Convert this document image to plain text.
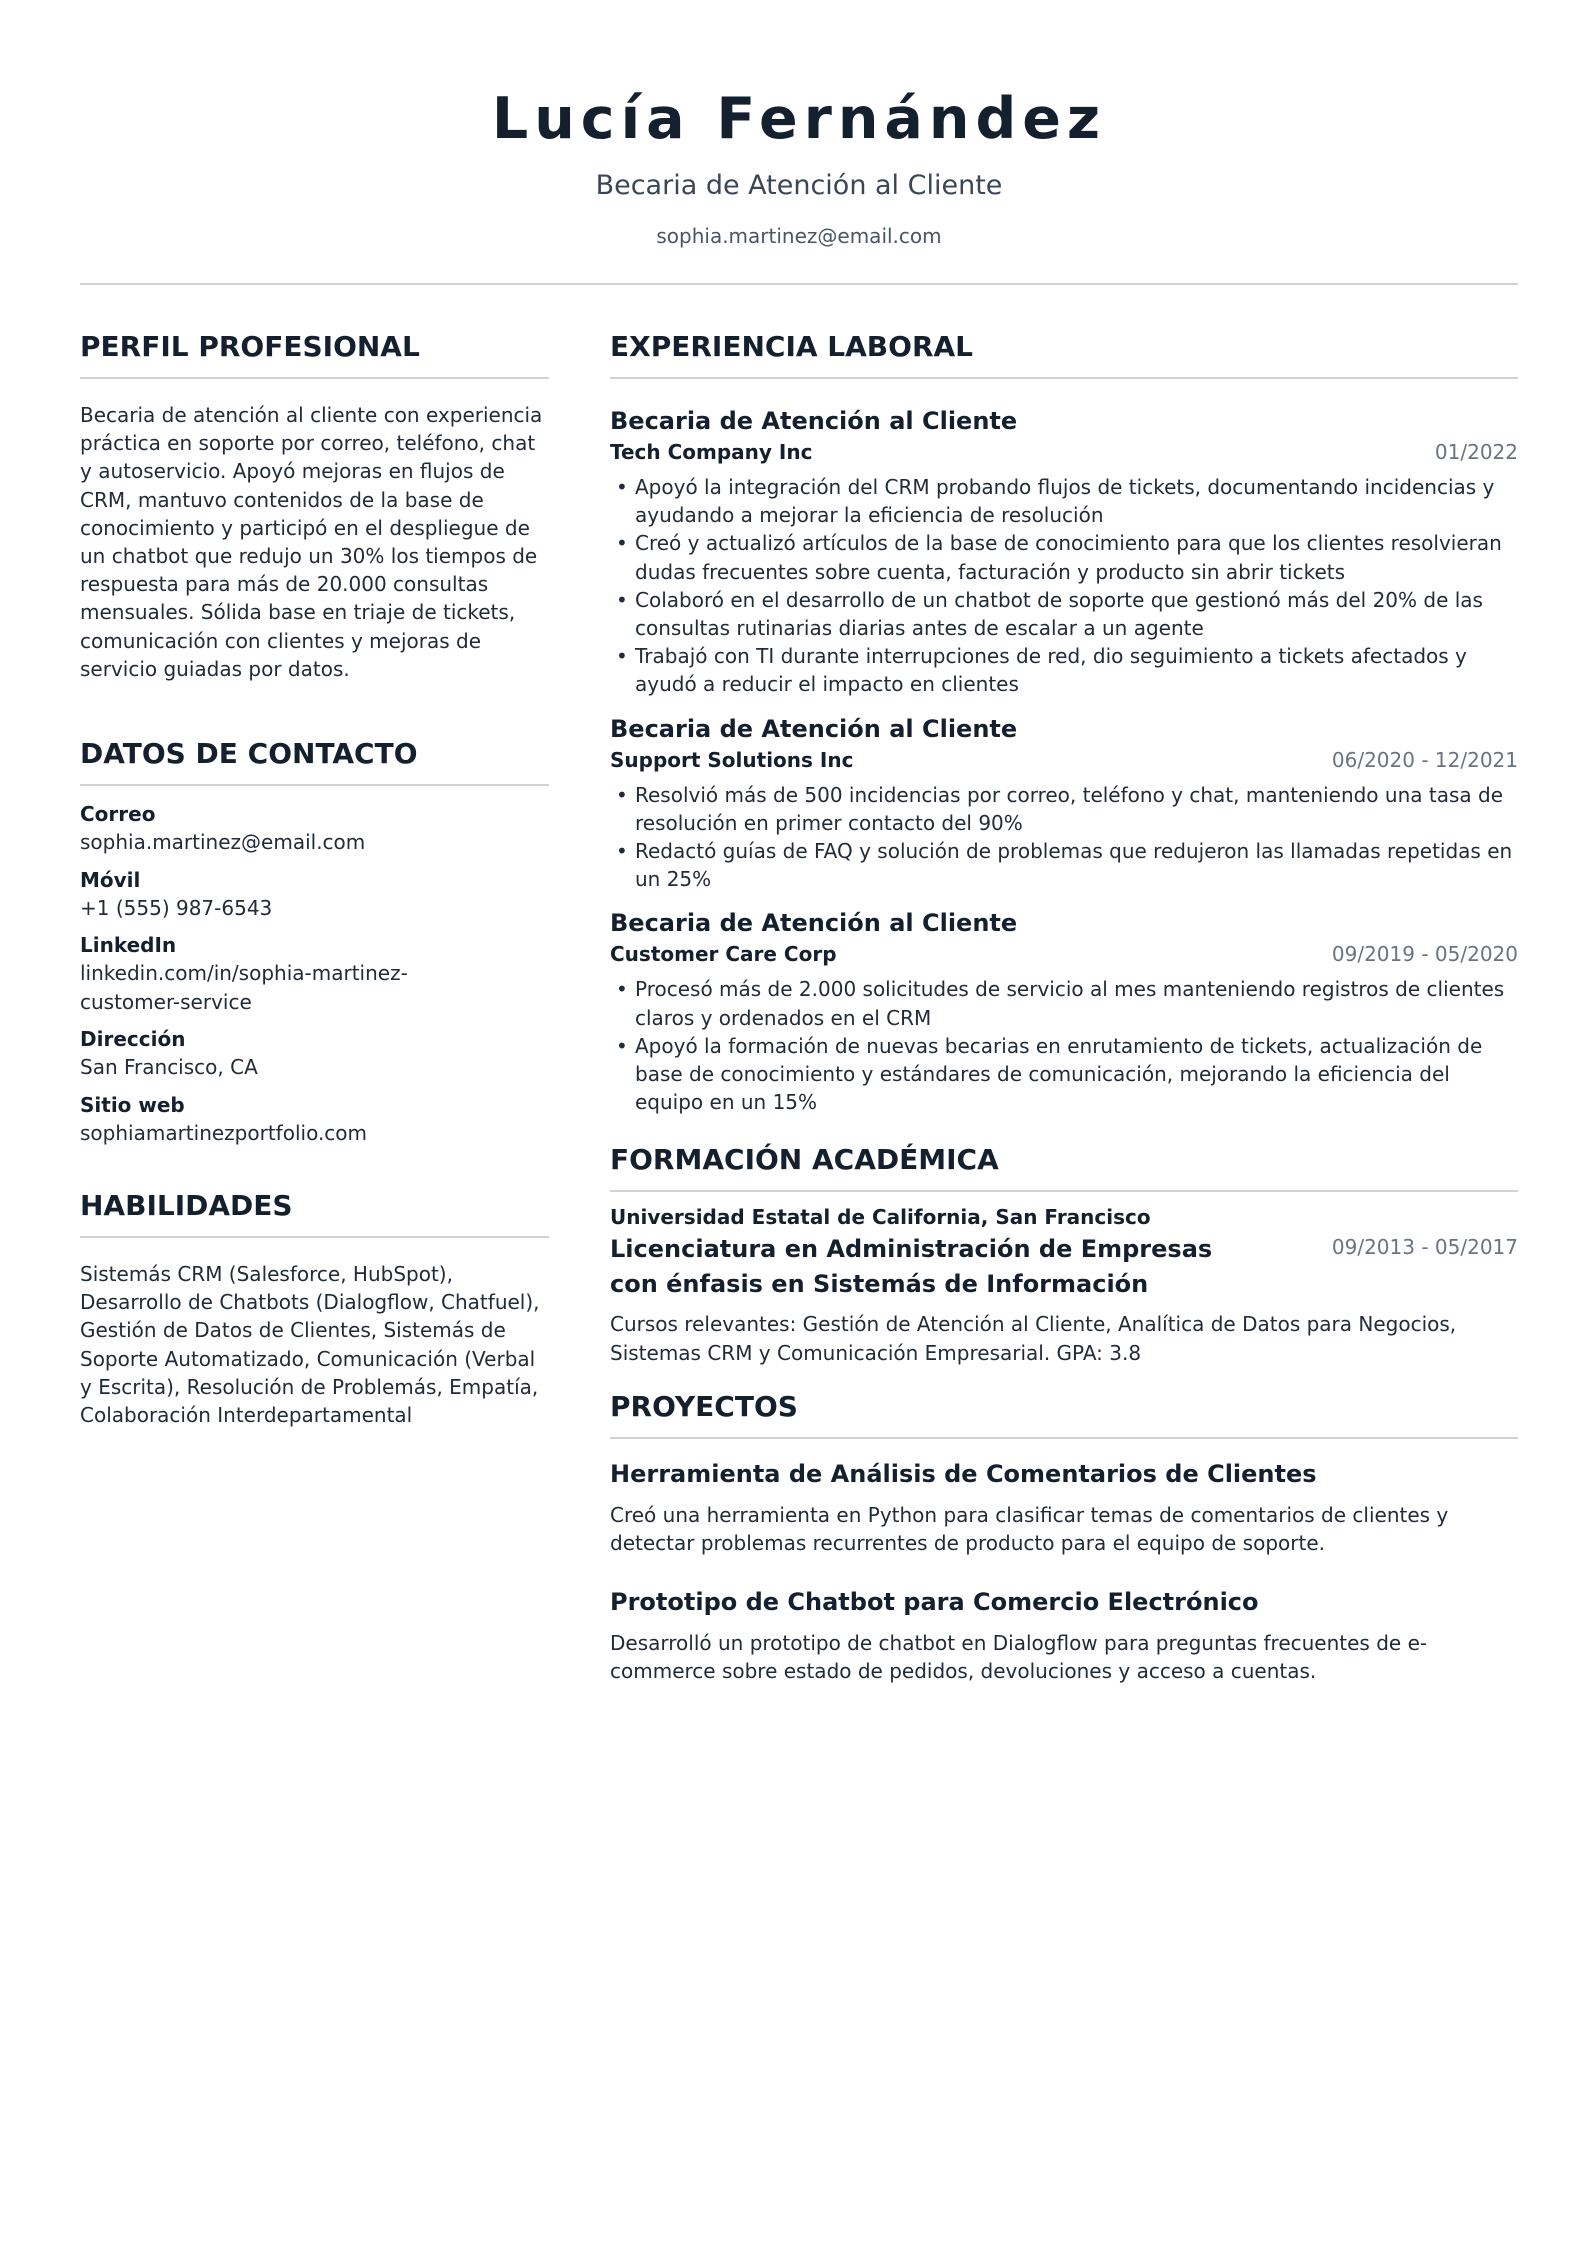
Lucía Fernández
Becaria de Atención al Cliente
sophia.martinez@email.com
PERFIL PROFESIONAL
Becaria de atención al cliente con experiencia práctica en soporte por correo, teléfono, chat y autoservicio. Apoyó mejoras en flujos de CRM, mantuvo contenidos de la base de conocimiento y participó en el despliegue de un chatbot que redujo un 30% los tiempos de respuesta para más de 20.000 consultas mensuales. Sólida base en triaje de tickets, comunicación con clientes y mejoras de servicio guiadas por datos.
DATOS DE CONTACTO
Correo
sophia.martinez@email.com
Móvil
+1 (555) 987-6543
LinkedIn
linkedin.com/in/sophia-martinez-customer-service
Dirección
San Francisco, CA
Sitio web
sophiamartinezportfolio.com
HABILIDADES
Sistemás CRM (Salesforce, HubSpot), Desarrollo de Chatbots (Dialogflow, Chatfuel), Gestión de Datos de Clientes, Sistemás de Soporte Automatizado, Comunicación (Verbal y Escrita), Resolución de Problemás, Empatía, Colaboración Interdepartamental
EXPERIENCIA LABORAL
Becaria de Atención al Cliente
Tech Company Inc	01/2022
• Apoyó la integración del CRM probando flujos de tickets, documentando incidencias y ayudando a mejorar la eficiencia de resolución
• Creó y actualizó artículos de la base de conocimiento para que los clientes resolvieran dudas frecuentes sobre cuenta, facturación y producto sin abrir tickets
• Colaboró en el desarrollo de un chatbot de soporte que gestionó más del 20% de las consultas rutinarias diarias antes de escalar a un agente
• Trabajó con TI durante interrupciones de red, dio seguimiento a tickets afectados y ayudó a reducir el impacto en clientes
Becaria de Atención al Cliente
Support Solutions Inc	06/2020 - 12/2021
• Resolvió más de 500 incidencias por correo, teléfono y chat, manteniendo una tasa de resolución en primer contacto del 90%
• Redactó guías de FAQ y solución de problemas que redujeron las llamadas repetidas en un 25%
Becaria de Atención al Cliente
Customer Care Corp	09/2019 - 05/2020
• Procesó más de 2.000 solicitudes de servicio al mes manteniendo registros de clientes claros y ordenados en el CRM
• Apoyó la formación de nuevas becarias en enrutamiento de tickets, actualización de base de conocimiento y estándares de comunicación, mejorando la eficiencia del equipo en un 15%
FORMACIÓN ACADÉMICA
Universidad Estatal de California, San Francisco
Licenciatura en Administración de Empresas con énfasis en Sistemás de Información
09/2013 - 05/2017
Cursos relevantes: Gestión de Atención al Cliente, Analítica de Datos para Negocios, Sistemas CRM y Comunicación Empresarial. GPA: 3.8
PROYECTOS
Herramienta de Análisis de Comentarios de Clientes
Creó una herramienta en Python para clasificar temas de comentarios de clientes y detectar problemas recurrentes de producto para el equipo de soporte.
Prototipo de Chatbot para Comercio Electrónico
Desarrolló un prototipo de chatbot en Dialogflow para preguntas frecuentes de e-commerce sobre estado de pedidos, devoluciones y acceso a cuentas.
